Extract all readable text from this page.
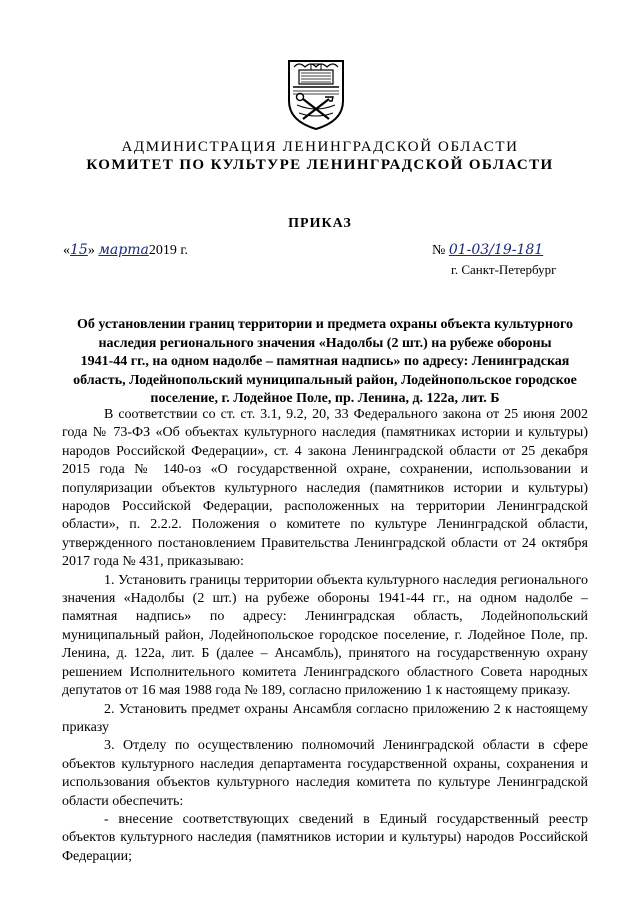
АДМИНИСТРАЦИЯ ЛЕНИНГРАДСКОЙ ОБЛАСТИ
КОМИТЕТ ПО КУЛЬТУРЕ ЛЕНИНГРАДСКОЙ ОБЛАСТИ
ПРИКАЗ
«15» марта2019 г.	№ 01-03/19-181
г. Санкт-Петербург
Об установлении границ территории и предмета охраны объекта культурного
наследия регионального значения «Надолбы (2 шт.) на рубеже обороны
1941-44 гг., на одном надолбе – памятная надпись» по адресу: Ленинградская
область, Лодейнопольский муниципальный район, Лодейнопольское городское
поселение, г. Лодейное Поле, пр. Ленина, д. 122а, лит. Б

В соответствии со ст. ст. 3.1, 9.2, 20, 33 Федерального закона от 25 июня 2002 года № 73-ФЗ «Об объектах культурного наследия (памятниках истории и культуры) народов Российской Федерации», ст. 4 закона Ленинградской области от 25 декабря 2015 года № 140-оз «О государственной охране, сохранении, использовании и популяризации объектов культурного наследия (памятников истории и культуры) народов Российской Федерации, расположенных на территории Ленинградской области», п. 2.2.2. Положения о комитете по культуре Ленинградской области, утвержденного постановлением Правительства Ленинградской области от 24 октября 2017 года № 431, приказываю:

1. Установить границы территории объекта культурного наследия регионального значения «Надолбы (2 шт.) на рубеже обороны 1941-44 гг., на одном надолбе – памятная надпись» по адресу: Ленинградская область, Лодейнопольский муниципальный район, Лодейнопольское городское поселение, г. Лодейное Поле, пр. Ленина, д. 122а, лит. Б (далее – Ансамбль), принятого на государственную охрану решением Исполнительного комитета Ленинградского областного Совета народных депутатов от 16 мая 1988 года № 189, согласно приложению 1 к настоящему приказу.

2. Установить предмет охраны Ансамбля согласно приложению 2 к настоящему приказу

3. Отделу по осуществлению полномочий Ленинградской области в сфере объектов культурного наследия департамента государственной охраны, сохранения и использования объектов культурного наследия комитета по культуре Ленинградской области обеспечить:

- внесение соответствующих сведений в Единый государственный реестр объектов культурного наследия (памятников истории и культуры) народов Российской Федерации;
